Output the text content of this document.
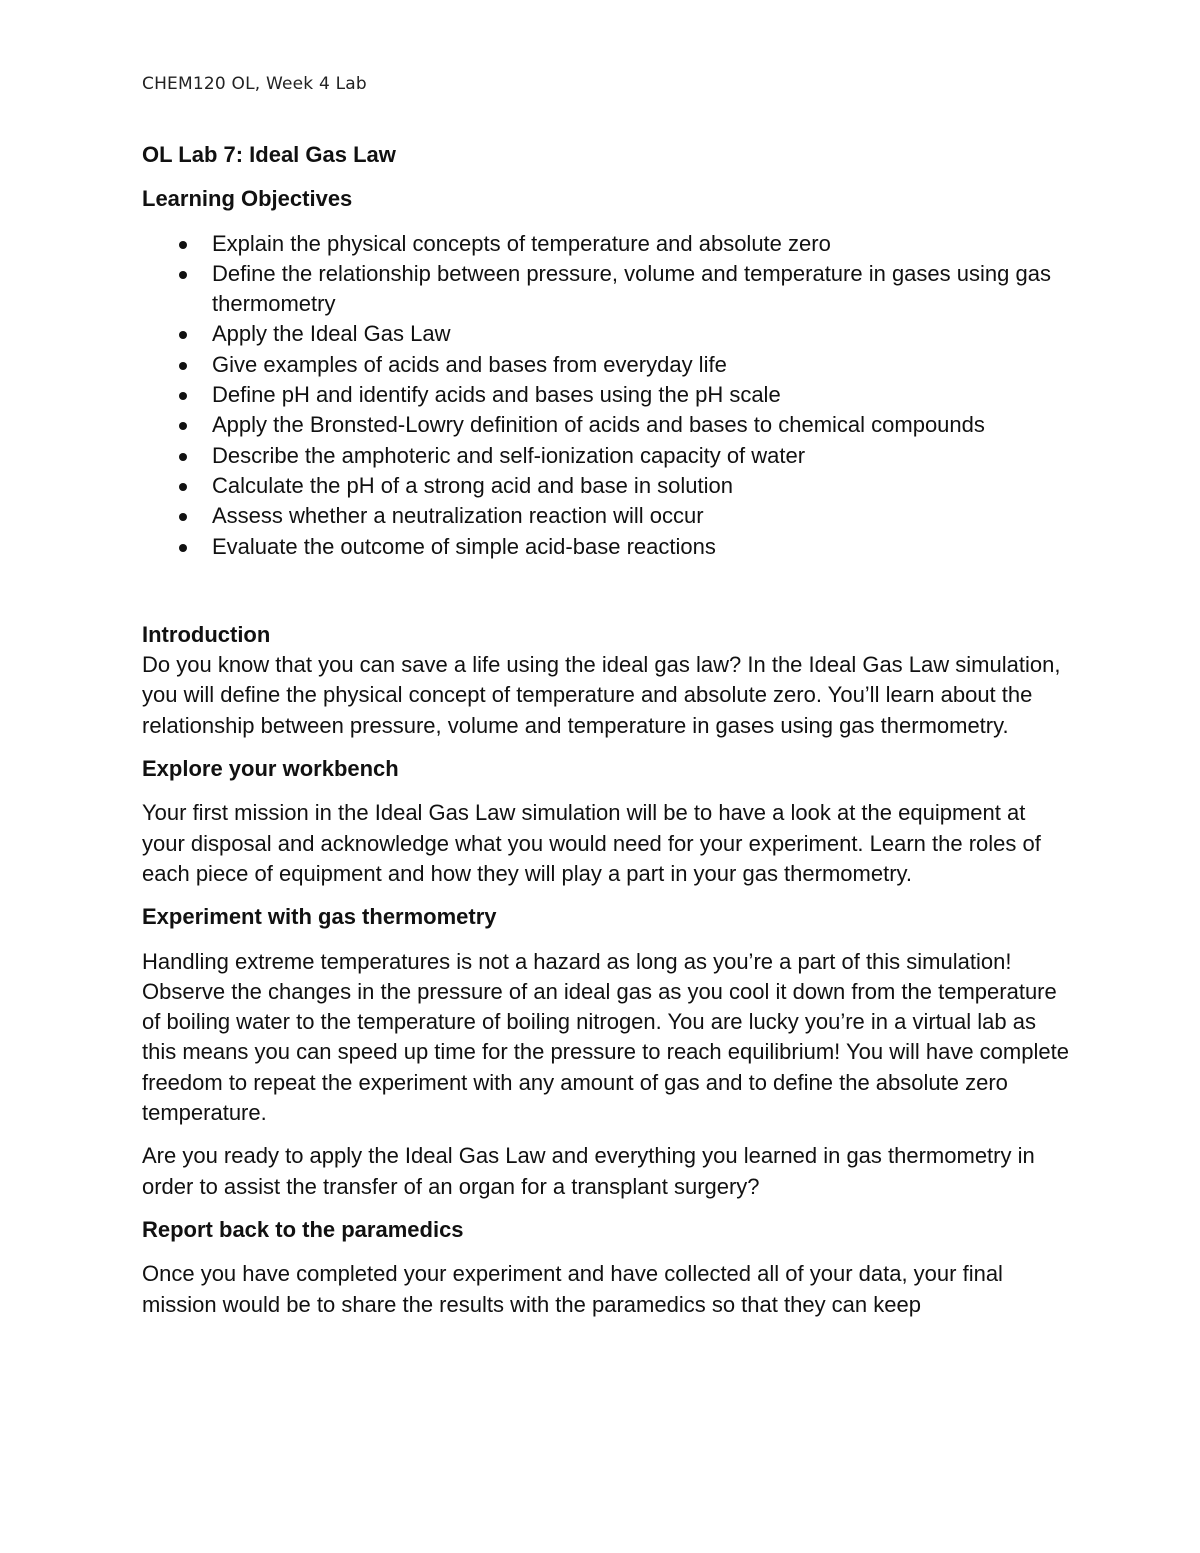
CHEM120 OL, Week 4 Lab

OL Lab 7: Ideal Gas Law

Learning Objectives

Explain the physical concepts of temperature and absolute zero
Define the relationship between pressure, volume and temperature in gases using gas thermometry
Apply the Ideal Gas Law
Give examples of acids and bases from everyday life
Define pH and identify acids and bases using the pH scale
Apply the Bronsted-Lowry definition of acids and bases to chemical compounds
Describe the amphoteric and self-ionization capacity of water
Calculate the pH of a strong acid and base in solution
Assess whether a neutralization reaction will occur
Evaluate the outcome of simple acid-base reactions

Introduction

Do you know that you can save a life using the ideal gas law? In the Ideal Gas Law simulation, you will define the physical concept of temperature and absolute zero. You’ll learn about the relationship between pressure, volume and temperature in gases using gas thermometry.

Explore your workbench

Your first mission in the Ideal Gas Law simulation will be to have a look at the equipment at your disposal and acknowledge what you would need for your experiment. Learn the roles of each piece of equipment and how they will play a part in your gas thermometry.

Experiment with gas thermometry

Handling extreme temperatures is not a hazard as long as you’re a part of this simulation! Observe the changes in the pressure of an ideal gas as you cool it down from the temperature of boiling water to the temperature of boiling nitrogen. You are lucky you’re in a virtual lab as this means you can speed up time for the pressure to reach equilibrium! You will have complete freedom to repeat the experiment with any amount of gas and to define the absolute zero temperature.

Are you ready to apply the Ideal Gas Law and everything you learned in gas thermometry in order to assist the transfer of an organ for a transplant surgery?

Report back to the paramedics

Once you have completed your experiment and have collected all of your data, your final mission would be to share the results with the paramedics so that they can keep
